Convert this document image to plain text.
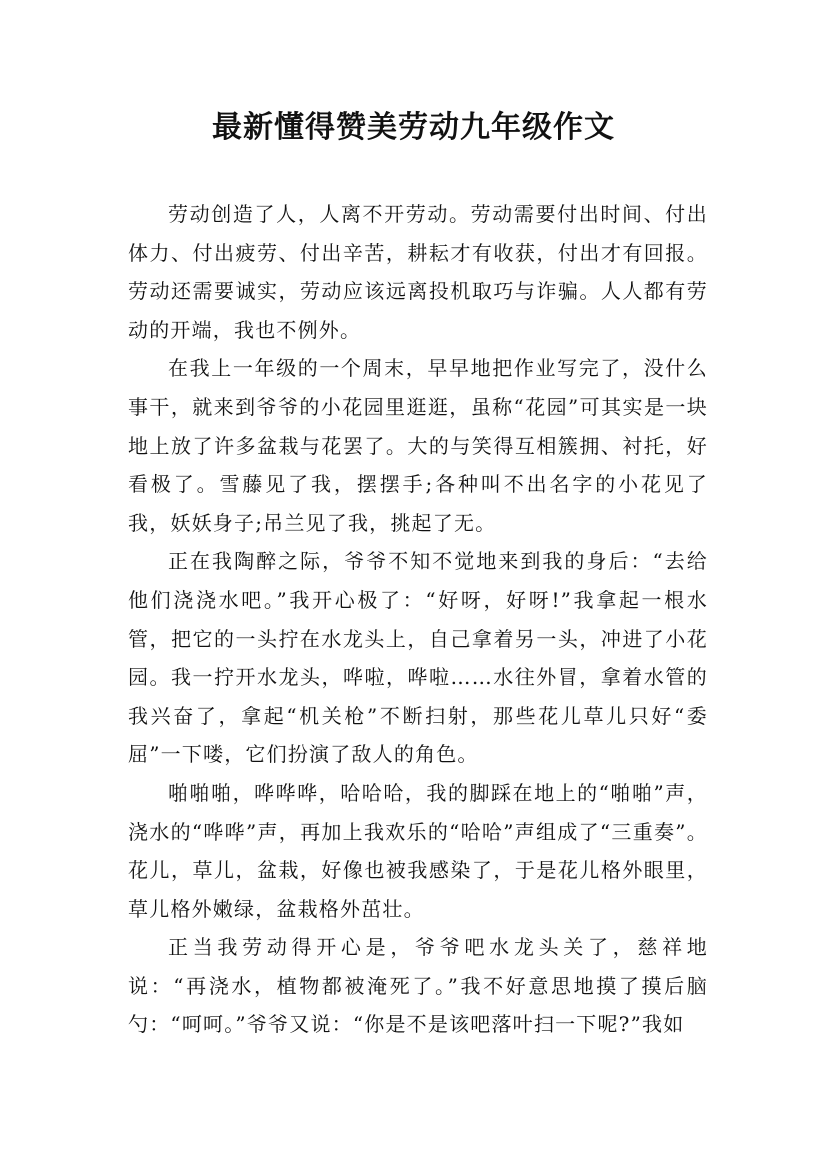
最新懂得赞美劳动九年级作文

劳动创造了人，人离不开劳动。劳动需要付出时间、付出体力、付出疲劳、付出辛苦，耕耘才有收获，付出才有回报。劳动还需要诚实，劳动应该远离投机取巧与诈骗。人人都有劳动的开端，我也不例外。

在我上一年级的一个周末，早早地把作业写完了，没什么事干，就来到爷爷的小花园里逛逛，虽称“花园”可其实是一块地上放了许多盆栽与花罢了。大的与笑得互相簇拥、衬托，好看极了。雪藤见了我，摆摆手;各种叫不出名字的小花见了我，妖妖身子;吊兰见了我，挑起了无。

正在我陶醉之际，爷爷不知不觉地来到我的身后：“去给他们浇浇水吧。”我开心极了：“好呀，好呀!”我拿起一根水管，把它的一头拧在水龙头上，自己拿着另一头，冲进了小花园。我一拧开水龙头，哗啦，哗啦……水往外冒，拿着水管的我兴奋了，拿起“机关枪”不断扫射，那些花儿草儿只好“委屈”一下喽，它们扮演了敌人的角色。

啪啪啪，哗哗哗，哈哈哈，我的脚踩在地上的“啪啪”声，浇水的“哗哗”声，再加上我欢乐的“哈哈”声组成了“三重奏”。花儿，草儿，盆栽，好像也被我感染了，于是花儿格外眼里，草儿格外嫩绿，盆栽格外茁壮。

正当我劳动得开心是，爷爷吧水龙头关了，慈祥地说：“再浇水，植物都被淹死了。”我不好意思地摸了摸后脑勺：“呵呵。”爷爷又说：“你是不是该吧落叶扫一下呢?”我如
